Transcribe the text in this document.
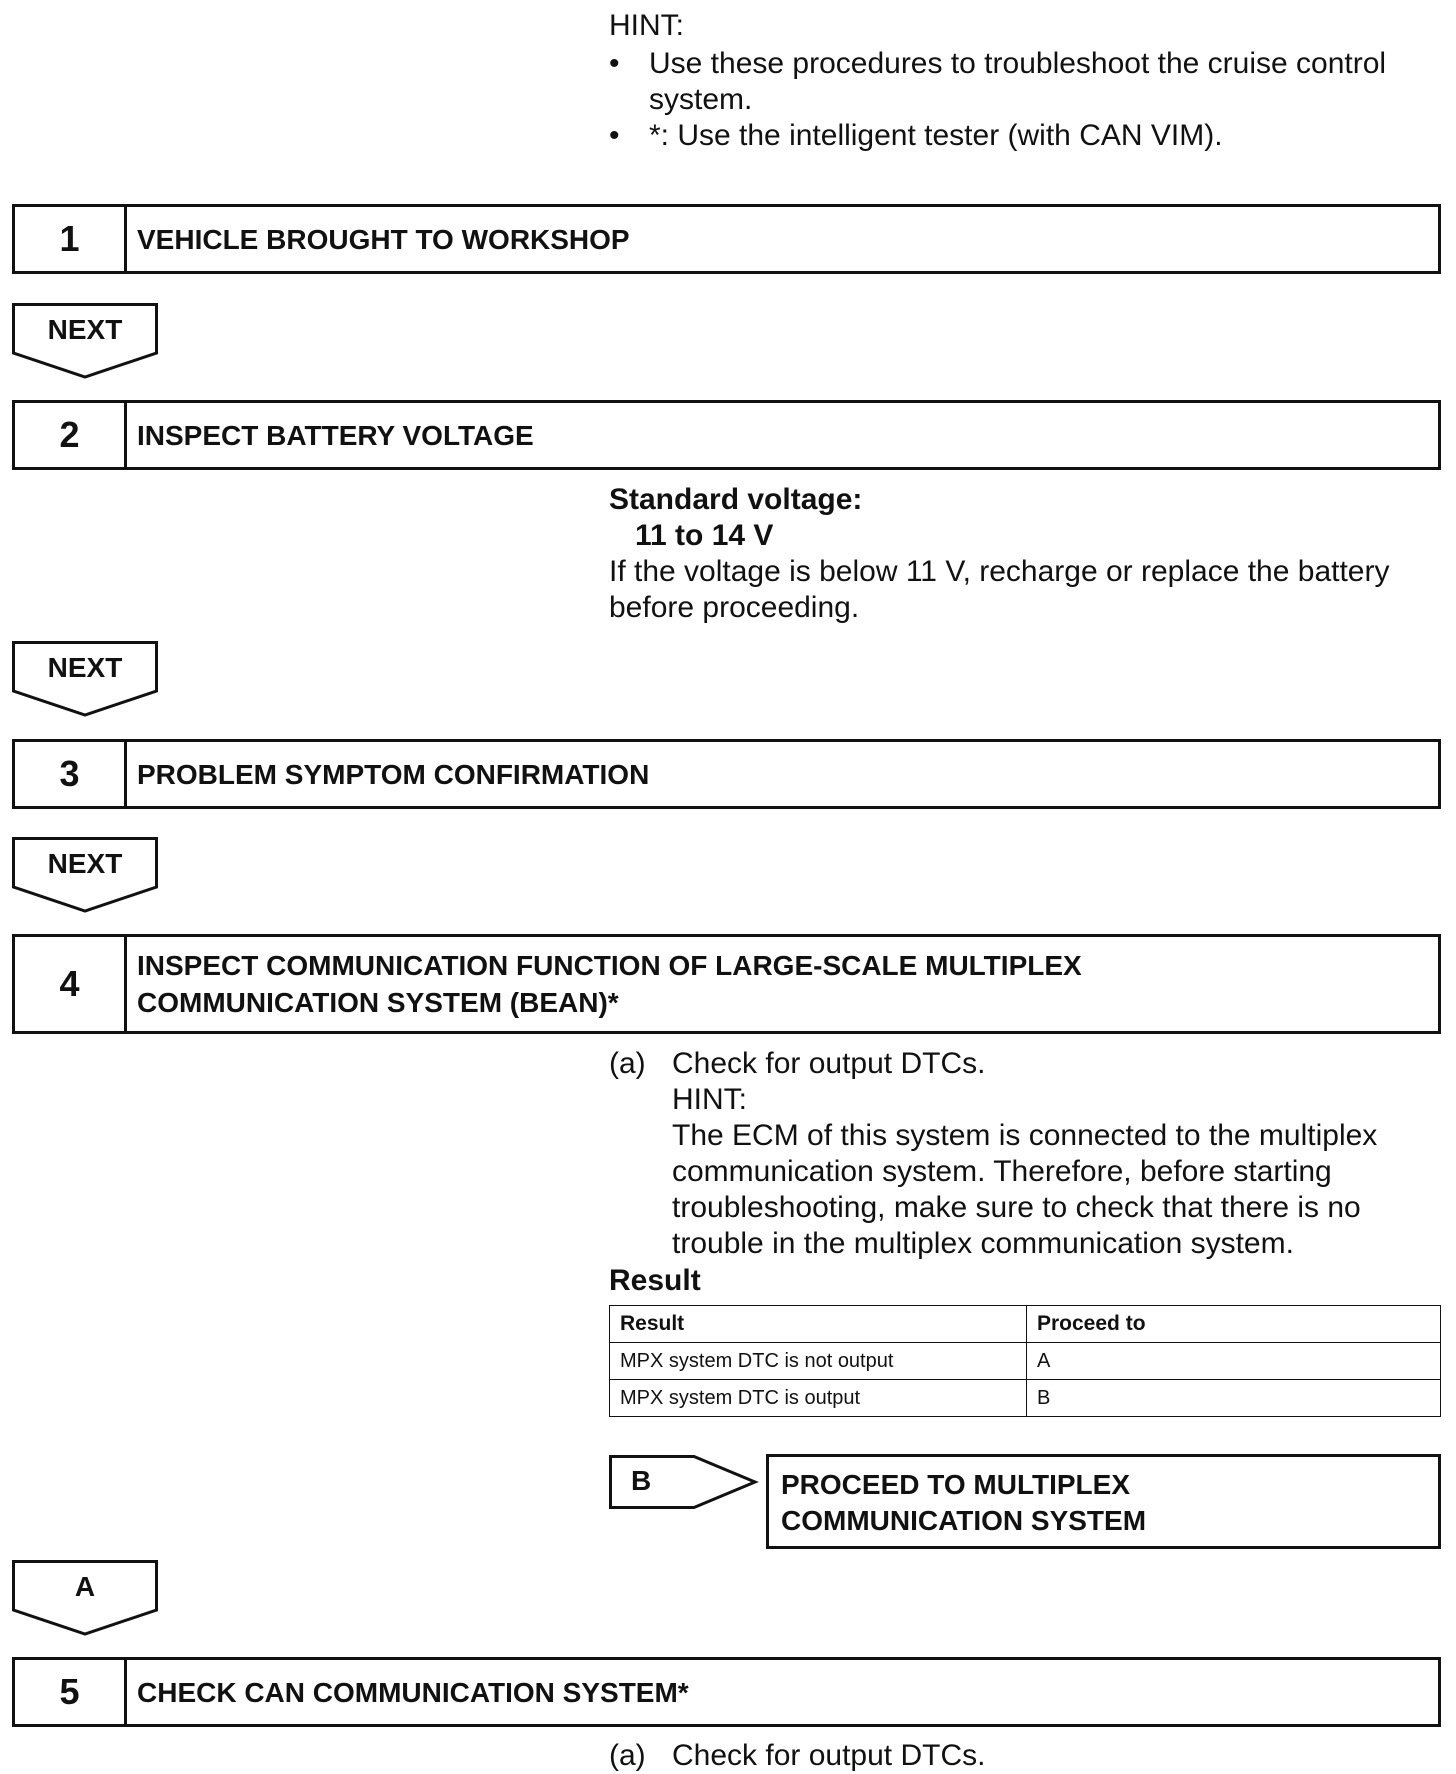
HINT:
• Use these procedures to troubleshoot the cruise control
system.
• *: Use the intelligent tester (with CAN VIM).
1	VEHICLE BROUGHT TO WORKSHOP
NEXT
2	INSPECT BATTERY VOLTAGE
Standard voltage:
11 to 14 V
If the voltage is below 11 V, recharge or replace the battery
before proceeding.
NEXT
3	PROBLEM SYMPTOM CONFIRMATION
NEXT
4	INSPECT COMMUNICATION FUNCTION OF LARGE-SCALE MULTIPLEX
COMMUNICATION SYSTEM (BEAN)*
(a) Check for output DTCs.
HINT:
The ECM of this system is connected to the multiplex
communication system. Therefore, before starting
troubleshooting, make sure to check that there is no
trouble in the multiplex communication system.
Result
Result	Proceed to
MPX system DTC is not output	A
MPX system DTC is output	B
B	PROCEED TO MULTIPLEX
COMMUNICATION SYSTEM
A
5	CHECK CAN COMMUNICATION SYSTEM*
(a) Check for output DTCs.
